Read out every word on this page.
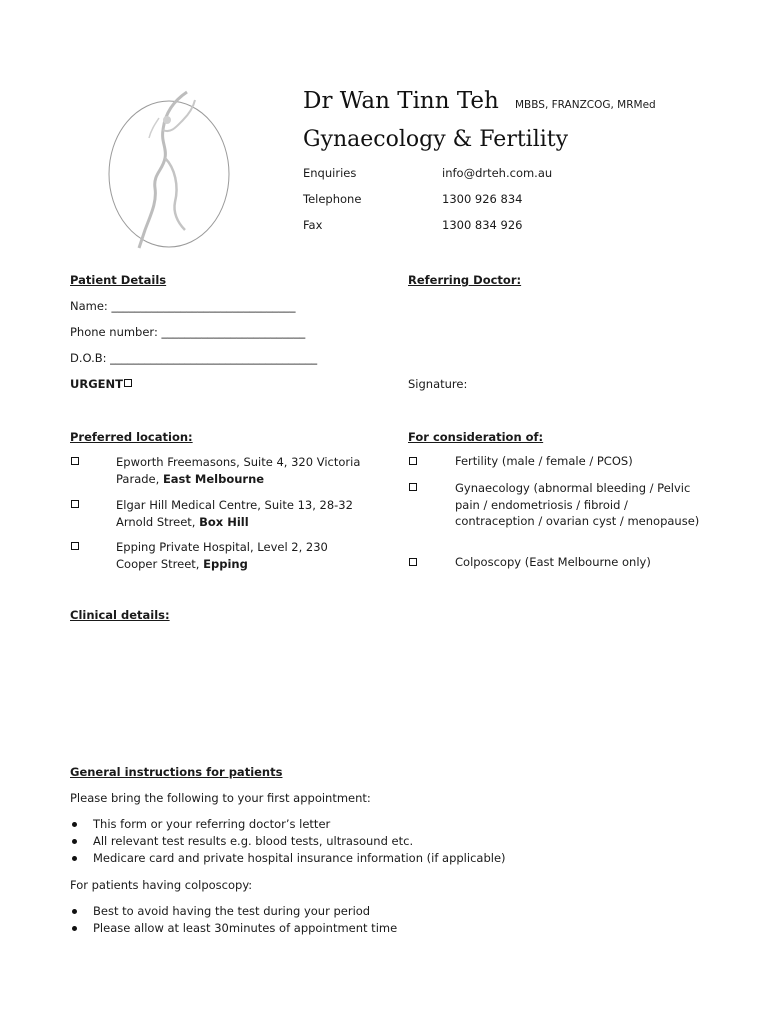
Dr Wan Tinn Teh MBBS, FRANZCOG, MRMed
Gynaecology & Fertility
Enquiries	info@drteh.com.au
Telephone	1300 926 834
Fax	1300 834 926
Patient Details
Name: ________________________________
Phone number: _________________________
D.O.B: ____________________________________
URGENT
Referring Doctor:
Signature:
Preferred location:
Epworth Freemasons, Suite 4, 320 Victoria Parade, East Melbourne
Elgar Hill Medical Centre, Suite 13, 28-32 Arnold Street, Box Hill
Epping Private Hospital, Level 2, 230 Cooper Street, Epping
For consideration of:
Fertility (male / female / PCOS)
Gynaecology (abnormal bleeding / Pelvic pain / endometriosis / fibroid / contraception / ovarian cyst / menopause)
Colposcopy (East Melbourne only)
Clinical details:
General instructions for patients
Please bring the following to your first appointment:
This form or your referring doctor’s letter
All relevant test results e.g. blood tests, ultrasound etc.
Medicare card and private hospital insurance information (if applicable)
For patients having colposcopy:
Best to avoid having the test during your period
Please allow at least 30minutes of appointment time
